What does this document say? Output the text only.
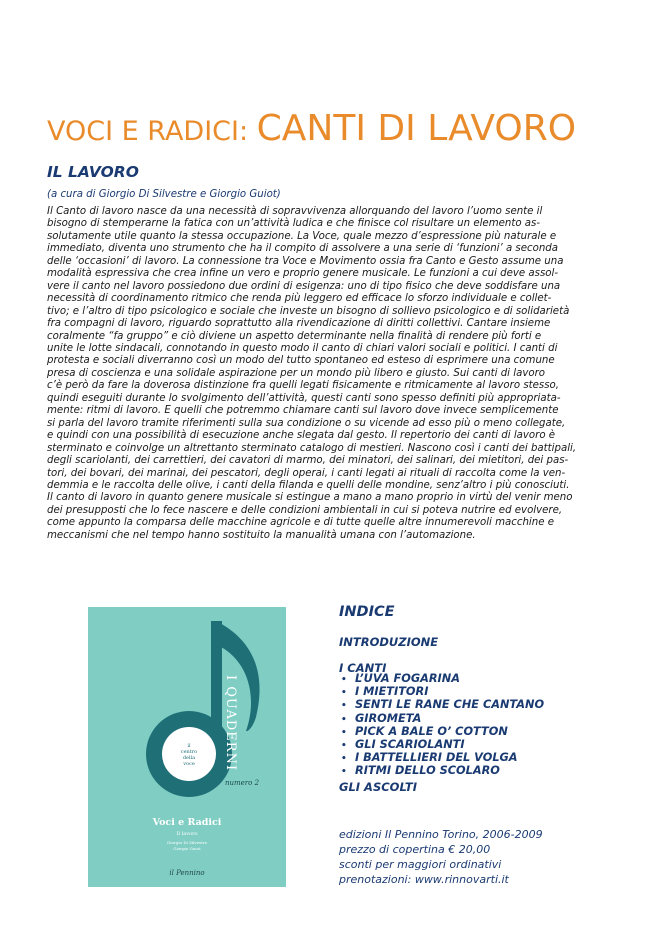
VOCI E RADICI: CANTI DI LAVORO
IL LAVORO
(a cura di Giorgio Di Silvestre e Giorgio Guiot)

Il Canto di lavoro nasce da una necessità di sopravvivenza allorquando del lavoro l’uomo sente il
bisogno di stemperarne la fatica con un’attività ludica e che finisce col risultare un elemento as-
solutamente utile quanto la stessa occupazione. La Voce, quale mezzo d’espressione più naturale e
immediato, diventa uno strumento che ha il compito di assolvere a una serie di ‘funzioni’ a seconda
delle ‘occasioni’ di lavoro. La connessione tra Voce e Movimento ossia fra Canto e Gesto assume una
modalità espressiva che crea infine un vero e proprio genere musicale. Le funzioni a cui deve assol-
vere il canto nel lavoro possiedono due ordini di esigenza: uno di tipo fisico che deve soddisfare una
necessità di coordinamento ritmico che renda più leggero ed efficace lo sforzo individuale e collet-
tivo; e l’altro di tipo psicologico e sociale che investe un bisogno di sollievo psicologico e di solidarietà
fra compagni di lavoro, riguardo soprattutto alla rivendicazione di diritti collettivi. Cantare insieme
coralmente “fa gruppo” e ciò diviene un aspetto determinante nella finalità di rendere più forti e
unite le lotte sindacali, connotando in questo modo il canto di chiari valori sociali e politici. I canti di
protesta e sociali diverranno così un modo del tutto spontaneo ed esteso di esprimere una comune
presa di coscienza e una solidale aspirazione per un mondo più libero e giusto. Sui canti di lavoro
c’è però da fare la doverosa distinzione fra quelli legati fisicamente e ritmicamente al lavoro stesso,
quindi eseguiti durante lo svolgimento dell’attività, questi canti sono spesso definiti più appropriata-
mente: ritmi di lavoro. E quelli che potremmo chiamare canti sul lavoro dove invece semplicemente
si parla del lavoro tramite riferimenti sulla sua condizione o su vicende ad esso più o meno collegate,
e quindi con una possibilità di esecuzione anche slegata dal gesto. Il repertorio dei canti di lavoro è
sterminato e coinvolge un altrettanto sterminato catalogo di mestieri. Nascono così i canti dei battipali,
degli scariolanti, dei carrettieri, dei cavatori di marmo, dei minatori, dei salinari, dei mietitori, dei pas-
tori, dei bovari, dei marinai, dei pescatori, degli operai, i canti legati ai rituali di raccolta come la ven-
demmia e le raccolta delle olive, i canti della filanda e quelli delle mondine, senz’altro i più conosciuti.
Il canto di lavoro in quanto genere musicale si estingue a mano a mano proprio in virtù del venir meno
dei presupposti che lo fece nascere e delle condizioni ambientali in cui si poteva nutrire ed evolvere,
come appunto la comparsa delle macchine agricole e di tutte quelle altre innumerevoli macchine e
meccanismi che nel tempo hanno sostituito la manualità umana con l’automazione.

I QUADERNI
il
centro
della
voce
numero 2
Voci e Radici
Il lavoro
Giorgio Di Silvestre
Giorgio Guiot
il Pennino
INDICE
INTRODUZIONE
I CANTI
• L’UVA FOGARINA
• I MIETITORI
• SENTI LE RANE CHE CANTANO
• GIROMETA
• PICK A BALE O’ COTTON
• GLI SCARIOLANTI
• I BATTELLIERI DEL VOLGA
• RITMI DELLO SCOLARO
GLI ASCOLTI
edizioni Il Pennino Torino, 2006-2009
prezzo di copertina € 20,00
sconti per maggiori ordinativi
prenotazioni: www.rinnovarti.it
